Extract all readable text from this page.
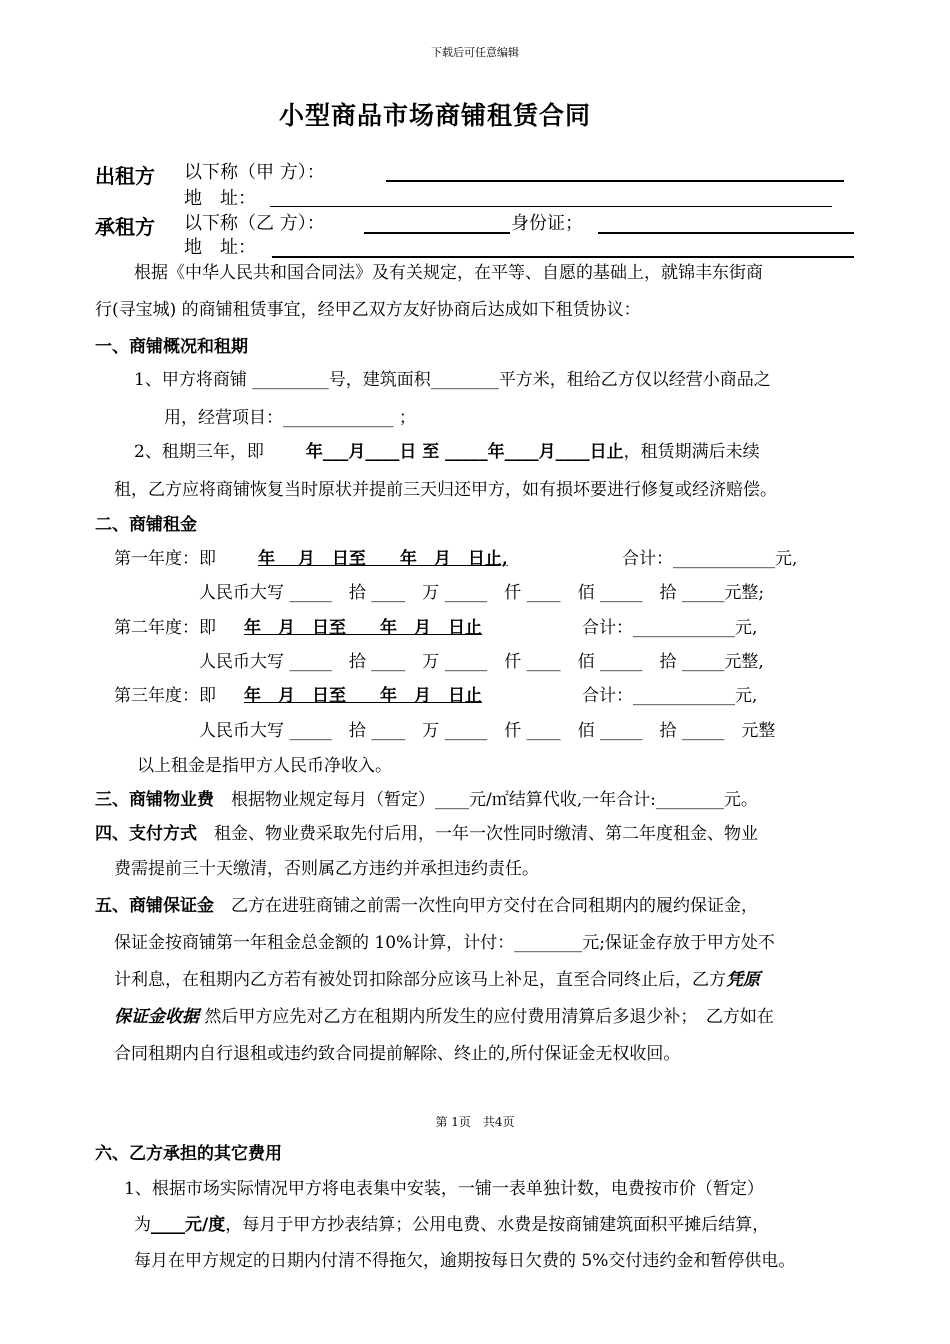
下载后可任意编辑
小型商品市场商铺租赁合同
出租方 以下称（甲 方）：
地　址：
承租方 以下称（乙 方）：	身份证；
地　址：
根据《中华人民共和国合同法》及有关规定，在平等、自愿的基础上，就锦丰东街商
行(寻宝城) 的商铺租赁事宜，经甲乙双方友好协商后达成如下租赁协议：
一、商铺概况和租期
1、甲方将商铺 _________号，建筑面积________平方米，租给乙方仅以经营小商品之
用，经营项目：_____________ ；
2、租期三年，即 年___月____日 至 _____年____月____日止，租赁期满后未续
租，乙方应将商铺恢复当时原状并提前三天归还甲方，如有损坏要进行修复或经济赔偿。
二、商铺租金
第一年度：即 年　 月　日至　　年　月　日止,	合计：____________元,
人民币大写 _____　拾 ____　万 _____　仟 ____　佰 _____　拾 _____元整;
第二年度：即 年　月　日至　　年　月　日止	合计：____________元,
人民币大写 _____　拾 ____　万 _____　仟 ____　佰 _____　拾 _____元整,
第三年度：即 年　月　日至　　年　月　日止	合计：____________元,
人民币大写 _____　拾 ____　万 _____　仟 ____　佰 _____　拾 _____　元整
以上租金是指甲方人民币净收入。
三、商铺物业费　根据物业规定每月（暂定）____元/㎡结算代收,一年合计:________元。
四、支付方式　租金、物业费采取先付后用，一年一次性同时缴清、第二年度租金、物业
费需提前三十天缴清，否则属乙方违约并承担违约责任。
五、商铺保证金　乙方在进驻商铺之前需一次性向甲方交付在合同租期内的履约保证金，
保证金按商铺第一年租金总金额的 10%计算，计付：________元;保证金存放于甲方处不
计利息，在租期内乙方若有被处罚扣除部分应该马上补足，直至合同终止后，乙方凭原
保证金收据 然后甲方应先对乙方在租期内所发生的应付费用清算后多退少补；　乙方如在
合同租期内自行退租或违约致合同提前解除、终止的,所付保证金无权收回。
第 1页　共4页
六、乙方承担的其它费用
1、根据市场实际情况甲方将电表集中安装，一铺一表单独计数，电费按市价（暂定）
为____元/度，每月于甲方抄表结算；公用电费、水费是按商铺建筑面积平摊后结算，
每月在甲方规定的日期内付清不得拖欠，逾期按每日欠费的 5%交付违约金和暂停供电。
